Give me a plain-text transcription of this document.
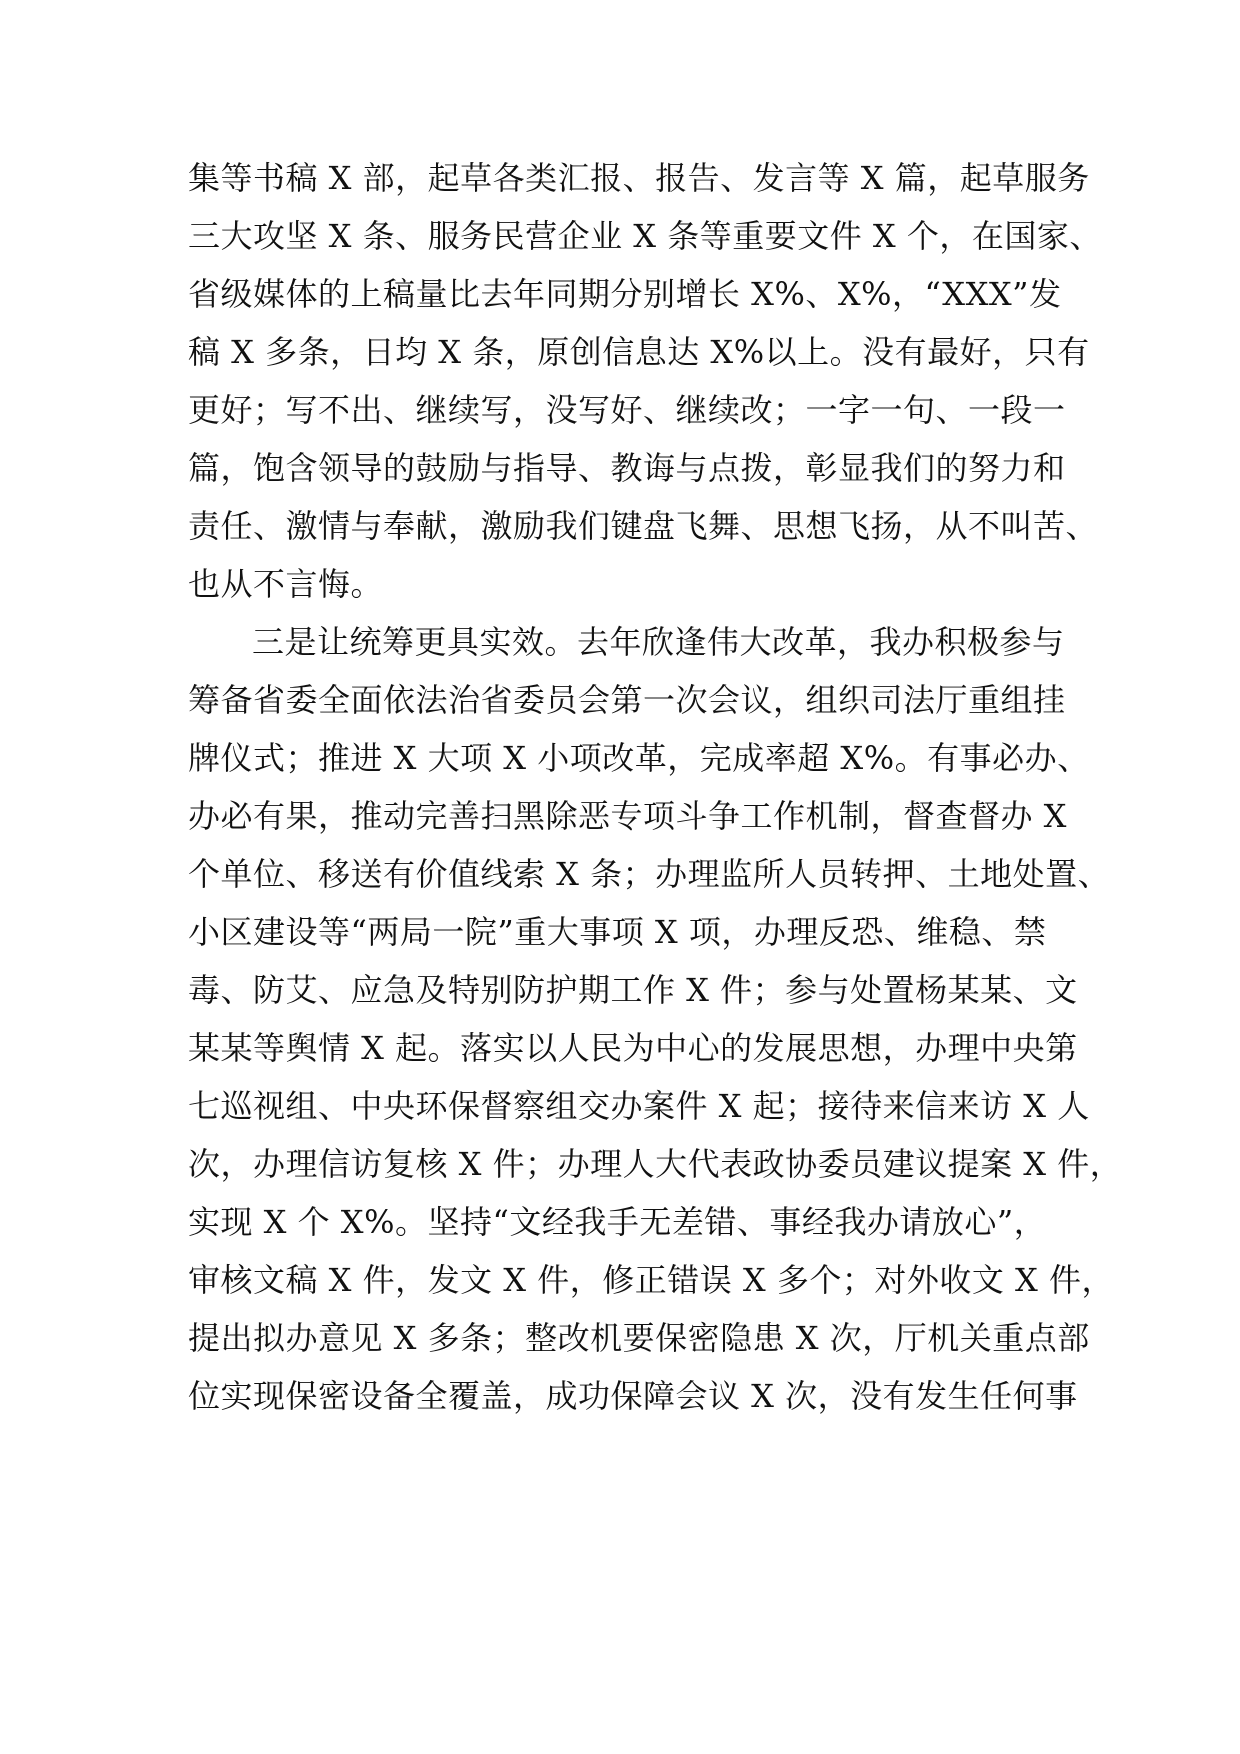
集等书稿 X 部，起草各类汇报、报告、发言等 X 篇，起草服务
三大攻坚 X 条、服务民营企业 X 条等重要文件 X 个，在国家、
省级媒体的上稿量比去年同期分别增长 X%、X%，“XXX”发
稿 X 多条，日均 X 条，原创信息达 X%以上。没有最好，只有
更好；写不出、继续写，没写好、继续改；一字一句、一段一
篇，饱含领导的鼓励与指导、教诲与点拨，彰显我们的努力和
责任、激情与奉献，激励我们键盘飞舞、思想飞扬，从不叫苦、
也从不言悔。
三是让统筹更具实效。去年欣逢伟大改革，我办积极参与
筹备省委全面依法治省委员会第一次会议，组织司法厅重组挂
牌仪式；推进 X 大项 X 小项改革，完成率超 X%。有事必办、
办必有果，推动完善扫黑除恶专项斗争工作机制，督查督办 X
个单位、移送有价值线索 X 条；办理监所人员转押、土地处置、
小区建设等“两局一院”重大事项 X 项，办理反恐、维稳、禁
毒、防艾、应急及特别防护期工作 X 件；参与处置杨某某、文
某某等舆情 X 起。落实以人民为中心的发展思想，办理中央第
七巡视组、中央环保督察组交办案件 X 起；接待来信来访 X 人
次，办理信访复核 X 件；办理人大代表政协委员建议提案 X 件，
实现 X 个 X%。坚持“文经我手无差错、事经我办请放心”，
审核文稿 X 件，发文 X 件，修正错误 X 多个；对外收文 X 件，
提出拟办意见 X 多条；整改机要保密隐患 X 次，厅机关重点部
位实现保密设备全覆盖，成功保障会议 X 次，没有发生任何事
